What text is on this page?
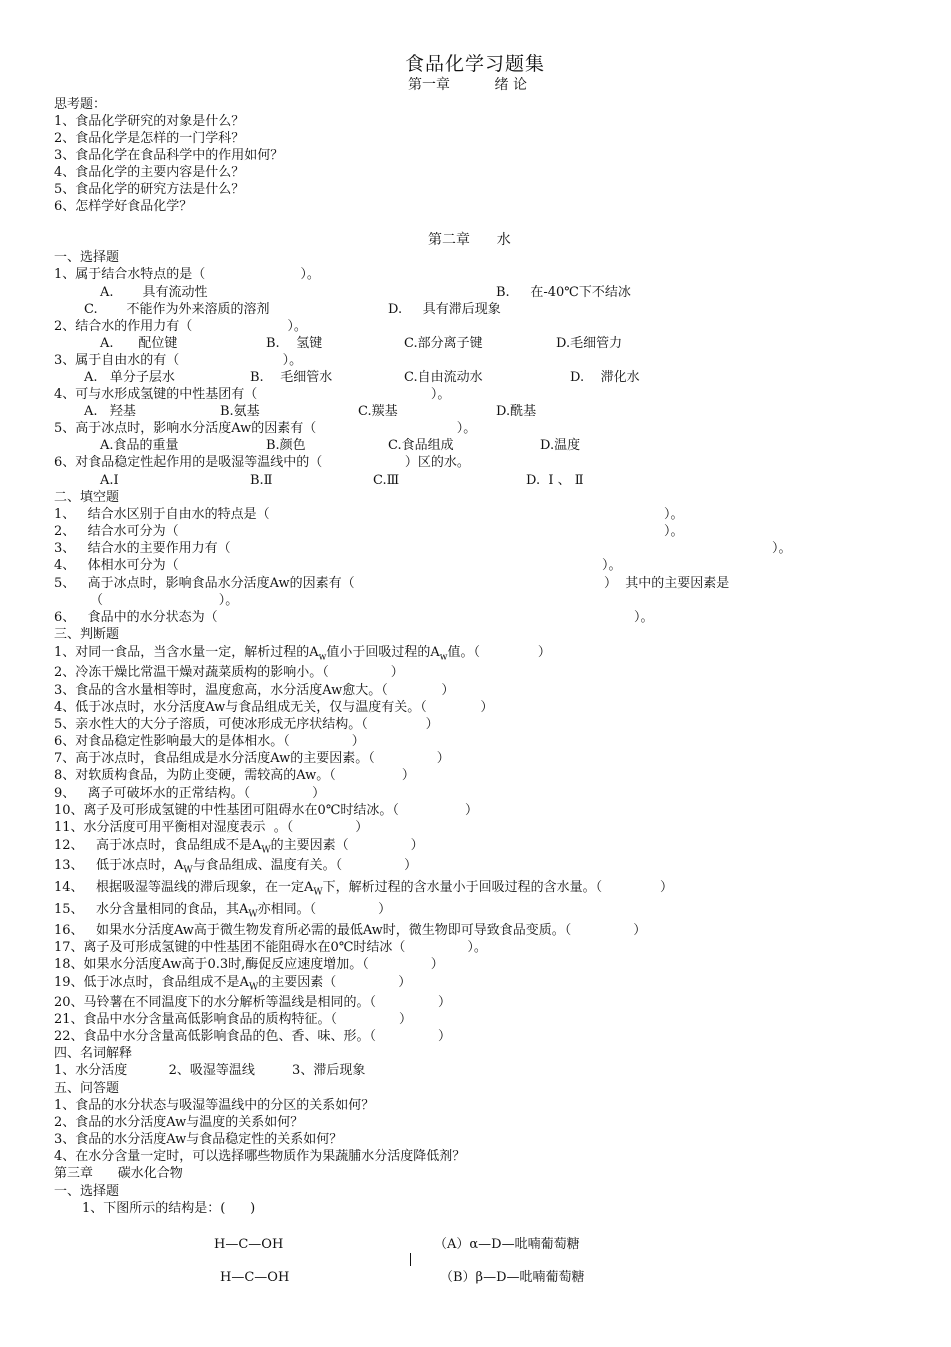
食品化学习题集
第一章          绪 论
思考题：
1、食品化学研究的对象是什么？
2、食品化学是怎样的一门学科？
3、食品化学在食品科学中的作用如何？
4、食品化学的主要内容是什么？
5、食品化学的研究方法是什么？
6、怎样学好食品化学？
第二章      水
一、选择题
1、属于结合水特点的是（                       ）。
A.       具有流动性	B.     在-40℃下不结冰
C.       不能作为外来溶质的溶剂	D.     具有滞后现象
2、结合水的作用力有（                       ）。
A.      配位键	B.    氢键	C.部分离子键	D.毛细管力
3、属于自由水的有（                         ）。
A.   单分子层水	B.    毛细管水	C.自由流动水	D.    滞化水
4、可与水形成氢键的中性基团有（                                          ）。
A.   羟基	B.氨基	C.羰基	D.酰基
5、高于冰点时，影响水分活度Aw的因素有（                                  ）。
A.食品的重量	B.颜色	C.食品组成	D.温度
6、对食品稳定性起作用的是吸湿等温线中的（                    ）区的水。
A.Ⅰ	B.Ⅱ	C.Ⅲ	D.  Ⅰ 、 Ⅱ
二、填空题
1、   结合水区别于自由水的特点是（	）。
2、   结合水可分为（	）。
3、   结合水的主要作用力有（	）。
4、   体相水可分为（	）。
5、   高于冰点时，影响食品水分活度Aw的因素有（	）  其中的主要因素是
（                            ）。
6、   食品中的水分状态为（	）。
三、判断题
1、对同一食品，当含水量一定，解析过程的$A_w$值小于回吸过程的$A_w$值。（              ）
2、冷冻干燥比常温干燥对蔬菜质构的影响小。（               ）
3、食品的含水量相等时，温度愈高，水分活度Aw愈大。（             ）
4、低于冰点时，水分活度Aw与食品组成无关，仅与温度有关。（             ）
5、亲水性大的大分子溶质，可使冰形成无序状结构。（              ）
6、对食品稳定性影响最大的是体相水。（               ）
7、高于冰点时，食品组成是水分活度Aw的主要因素。（               ）
8、对软质构食品，为防止变硬，需较高的Aw。（                ）
9、   离子可破坏水的正常结构。（               ）
10、离子及可形成氢键的中性基团可阻碍水在0℃时结冰。（                ）
11、水分活度可用平衡相对湿度表示  。（               ）
12、   高于冰点时，食品组成不是$A_W$的主要因素（               ）
13、   低于冰点时，$A_W$与食品组成、温度有关。（               ）
14、   根据吸湿等温线的滞后现象，在一定$A_W$下，解析过程的含水量小于回吸过程的含水量。（              ）
15、   水分含量相同的食品，其$A_W$亦相同。（               ）
16、   如果水分活度Aw高于微生物发育所必需的最低Aw时，微生物即可导致食品变质。（               ）
17、离子及可形成氢键的中性基团不能阻碍水在0℃时结冰（               ）。
18、如果水分活度Aw高于0.3时,酶促反应速度增加。（               ）
19、低于冰点时，食品组成不是$A_W$的主要因素（               ）
20、马铃薯在不同温度下的水分解析等温线是相同的。（               ）
21、食品中水分含量高低影响食品的质构特征。（               ）
22、食品中水分含量高低影响食品的色、香、味、形。（               ）
四、名词解释
1、水分活度          2、吸湿等温线         3、滞后现象
五、问答题
1、食品的水分状态与吸湿等温线中的分区的关系如何？
2、食品的水分活度Aw与温度的关系如何？
3、食品的水分活度Aw与食品稳定性的关系如何？
4、在水分含量一定时，可以选择哪些物质作为果蔬脯水分活度降低剂？
第三章      碳水化合物
一、选择题
1、下图所示的结构是：(      )
H—C—OH
H—C—OH
（A）α—D—吡喃葡萄糖
（B）β—D—吡喃葡萄糖
